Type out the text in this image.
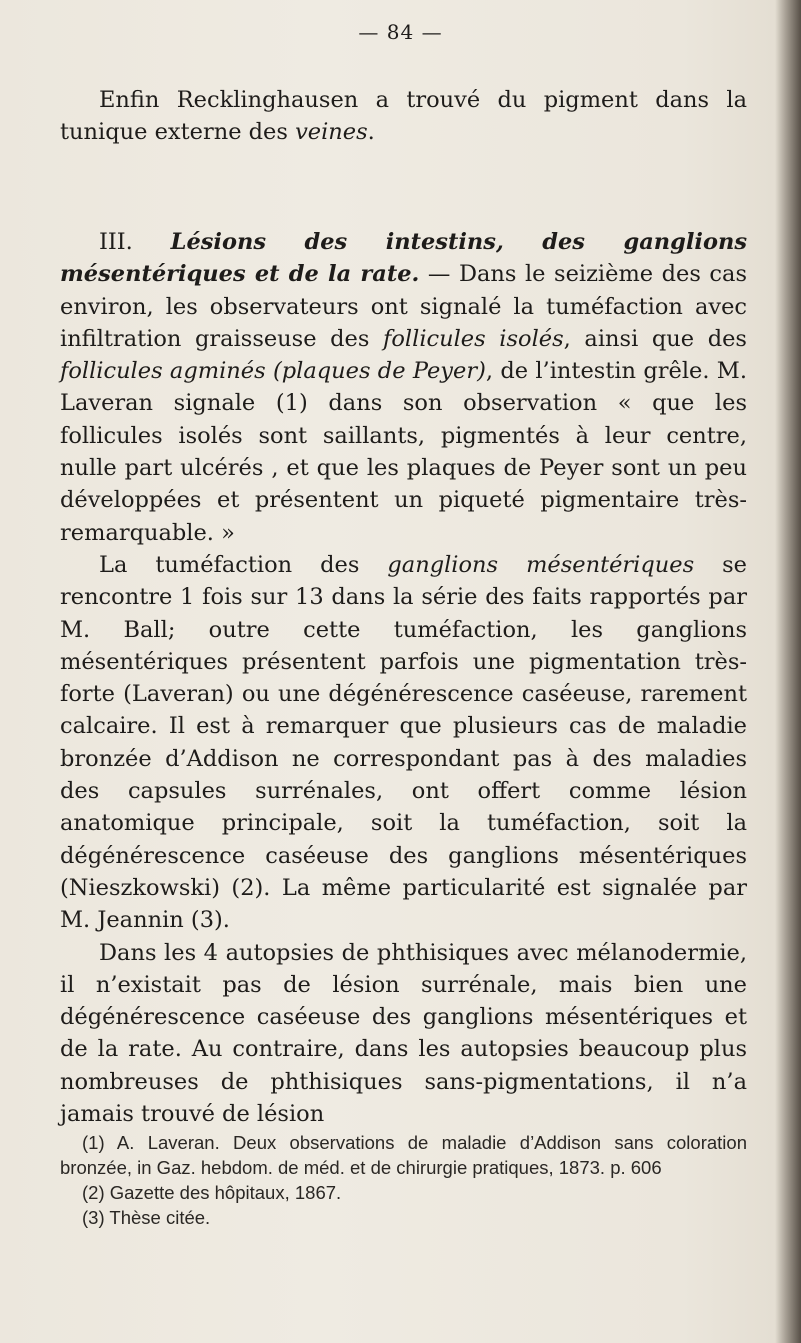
— 84 —

Enfin Recklinghausen a trouvé du pigment dans la tunique externe des veines.

III. Lésions des intestins, des ganglions mésentériques et de la rate. — Dans le seizième des cas environ, les observateurs ont signalé la tuméfaction avec infiltration graisseuse des follicules isolés, ainsi que des follicules agminés (plaques de Peyer), de l’intestin grêle. M. Laveran signale (1) dans son observation « que les follicules isolés sont saillants, pigmentés à leur centre, nulle part ulcérés , et que les plaques de Peyer sont un peu développées et présentent un piqueté pigmentaire très-remarquable. »

La tuméfaction des ganglions mésentériques se rencontre 1 fois sur 13 dans la série des faits rapportés par M. Ball; outre cette tuméfaction, les ganglions mésentériques présentent parfois une pigmentation très-forte (Laveran) ou une dégénérescence caséeuse, rarement calcaire. Il est à remarquer que plusieurs cas de maladie bronzée d’Addison ne correspondant pas à des maladies des capsules surrénales, ont offert comme lésion anatomique principale, soit la tuméfaction, soit la dégénérescence caséeuse des ganglions mésentériques (Nieszkowski) (2). La même particularité est signalée par M. Jeannin (3).

Dans les 4 autopsies de phthisiques avec mélanodermie, il n’existait pas de lésion surrénale, mais bien une dégénérescence caséeuse des ganglions mésentériques et de la rate. Au contraire, dans les autopsies beaucoup plus nombreuses de phthisiques sans-pigmentations, il n’a jamais trouvé de lésion

(1) A. Laveran. Deux observations de maladie d’Addison sans coloration bronzée, in Gaz. hebdom. de méd. et de chirurgie pratiques, 1873. p. 606

(2) Gazette des hôpitaux, 1867.

(3) Thèse citée.
